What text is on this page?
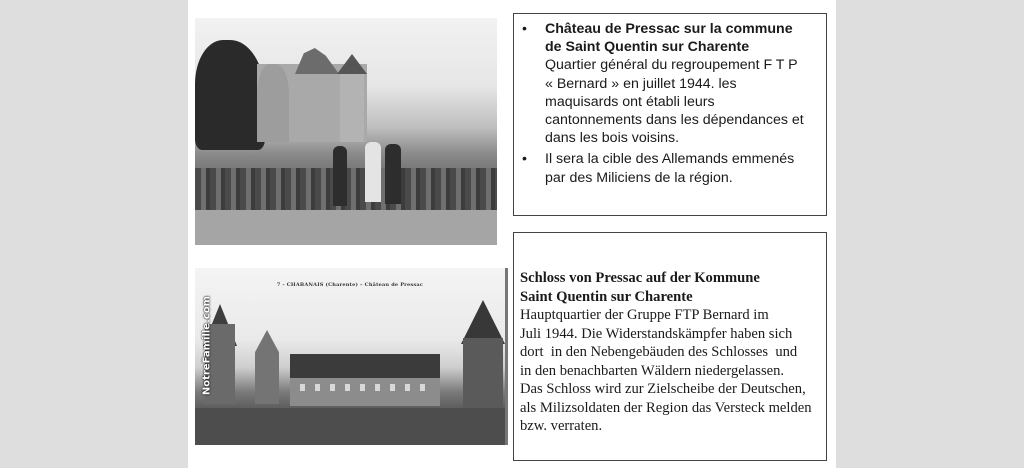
7 - CHABANAIS (Charente) – Château de Pressac
NotreFamille.com
• Château de Pressac sur la commune
de Saint Quentin sur Charente
Quartier général du regroupement F T P
« Bernard » en juillet 1944. les
maquisards ont établi leurs
cantonnements dans les dépendances et
dans les bois voisins.
• Il sera la cible des Allemands emmenés
par des Miliciens de la région.
Schloss von Pressac auf der Kommune
Saint Quentin sur Charente
Hauptquartier der Gruppe FTP Bernard im
Juli 1944. Die Widerstandskämpfer haben sich
dort  in den Nebengebäuden des Schlosses  und
in den benachbarten Wäldern niedergelassen.
Das Schloss wird zur Zielscheibe der Deutschen,
als Milizsoldaten der Region das Versteck melden
bzw. verraten.
